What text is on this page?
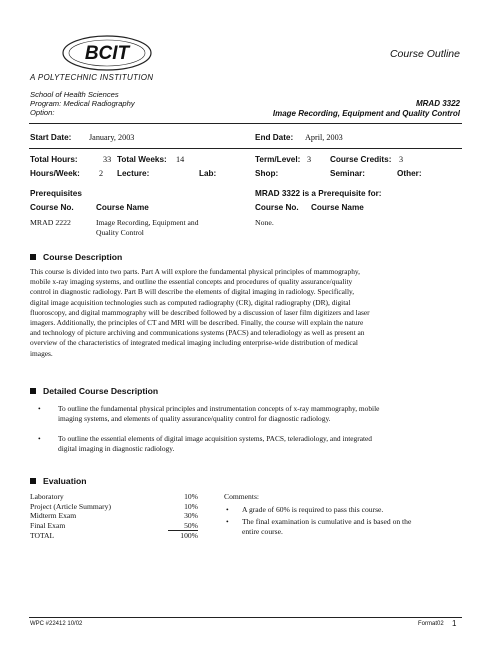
BCIT
A POLYTECHNIC INSTITUTION
Course Outline
School of Health Sciences
Program: Medical Radiography
Option:
MRAD 3322
Image Recording, Equipment and Quality Control
Start Date: January, 2003	End Date: April, 2003
Total Hours:	33 Total Weeks: 14	Term/Level: 3 Course Credits: 3
Hours/Week: 2 Lecture:	Lab:	Shop:	Seminar:	Other:
Prerequisites	MRAD 3322 is a Prerequisite for:
Course No.	Course Name	Course No. Course Name
MRAD 2222	Image Recording, Equipment and
Quality Control
None.
Course Description
This course is divided into two parts. Part A will explore the fundamental physical principles of mammography,
mobile x-ray imaging systems, and outline the essential concepts and procedures of quality assurance/quality
control in diagnostic radiology. Part B will describe the elements of digital imaging in radiology. Specifically,
digital image acquisition technologies such as computed radiography (CR), digital radiography (DR), digital
fluoroscopy, and digital mammography will be described followed by a discussion of laser film digitizers and laser
imagers. Additionally, the principles of CT and MRI will be described. Finally, the course will explain the nature
and technology of picture archiving and communications systems (PACS) and teleradiology as well as present an
overview of the characteristics of integrated medical imaging including enterprise-wide distribution of medical
images.
Detailed Course Description
• To outline the fundamental physical principles and instrumentation concepts of x-ray mammography, mobile
imaging systems, and elements of quality assurance/quality control for diagnostic radiology.
• To outline the essential elements of digital image acquisition systems, PACS, teleradiology, and integrated
digital imaging in diagnostic radiology.
Evaluation
Laboratory	10%
Project (Article Summary)	10%
Midterm Exam	30%
Final Exam	50%
TOTAL	100%
Comments:
• A grade of 60% is required to pass this course.
• The final examination is cumulative and is based on the
entire course.
WPC #22412 10/02	Format02 1
